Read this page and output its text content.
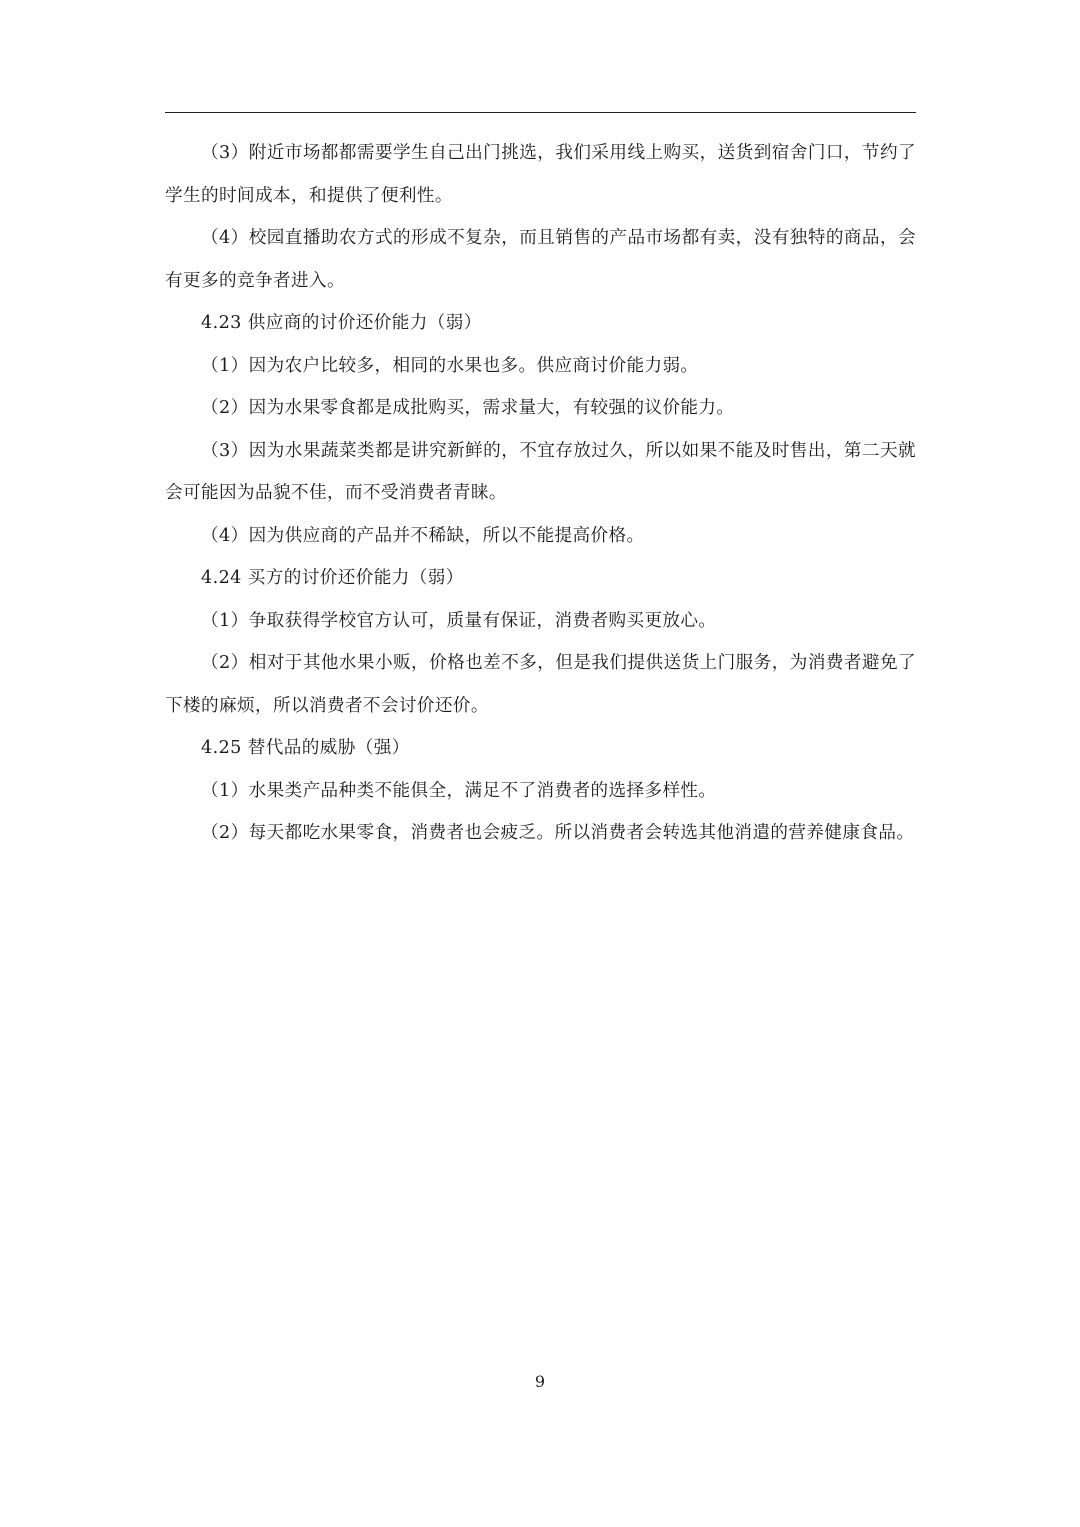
（3）附近市场都都需要学生自己出门挑选，我们采用线上购买，送货到宿舍门口，节约了学生的时间成本，和提供了便利性。

（4）校园直播助农方式的形成不复杂，而且销售的产品市场都有卖，没有独特的商品，会有更多的竞争者进入。

4.23 供应商的讨价还价能力（弱）

（1）因为农户比较多，相同的水果也多。供应商讨价能力弱。

（2）因为水果零食都是成批购买，需求量大，有较强的议价能力。

（3）因为水果蔬菜类都是讲究新鲜的，不宜存放过久，所以如果不能及时售出，第二天就会可能因为品貌不佳，而不受消费者青睐。

（4）因为供应商的产品并不稀缺，所以不能提高价格。

4.24 买方的讨价还价能力（弱）

（1）争取获得学校官方认可，质量有保证，消费者购买更放心。

（2）相对于其他水果小贩，价格也差不多，但是我们提供送货上门服务，为消费者避免了下楼的麻烦，所以消费者不会讨价还价。

4.25 替代品的威胁（强）

（1）水果类产品种类不能俱全，满足不了消费者的选择多样性。

（2）每天都吃水果零食，消费者也会疲乏。所以消费者会转选其他消遣的营养健康食品。

9
